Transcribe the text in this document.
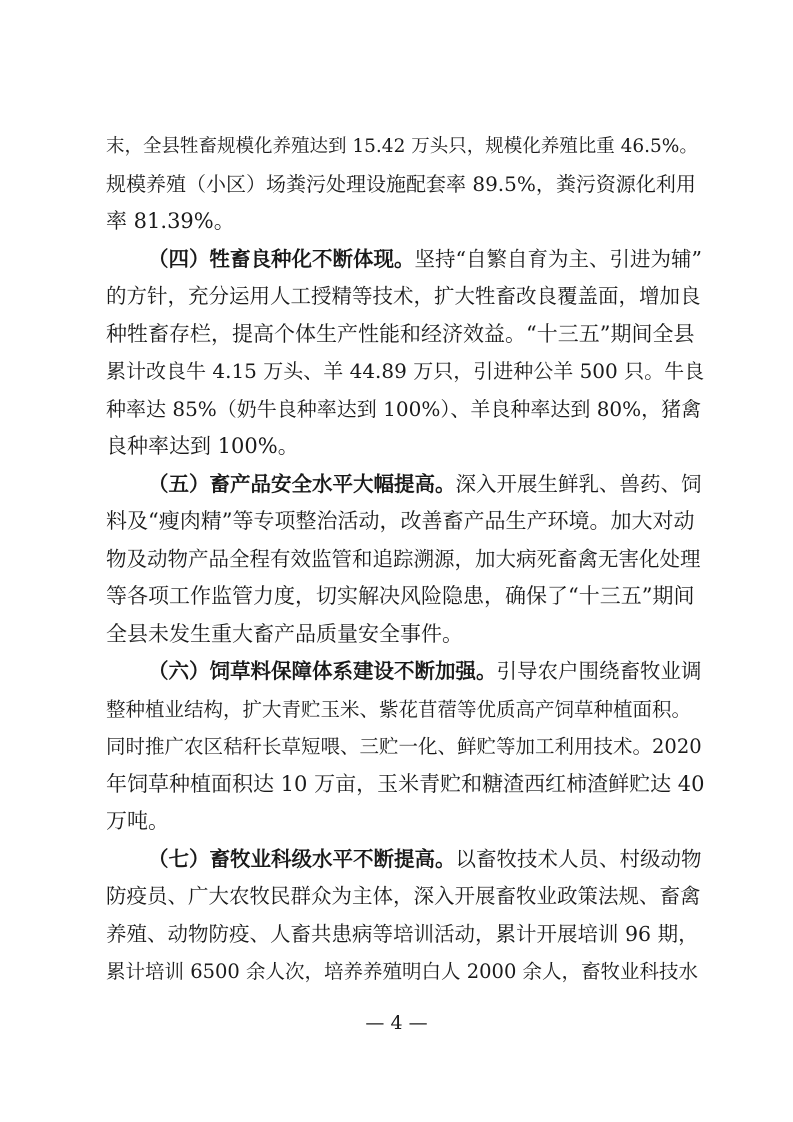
末，全县牲畜规模化养殖达到 15.42 万头只，规模化养殖比重 46.5%。
规模养殖（小区）场粪污处理设施配套率 89.5%，粪污资源化利用
率 81.39%。
（四）牲畜良种化不断体现。 坚持“自繁自育为主、引进为辅”
的方针，充分运用人工授精等技术，扩大牲畜改良覆盖面，增加良
种牲畜存栏，提高个体生产性能和经济效益。“十三五”期间全县
累计改良牛 4.15 万头、羊 44.89 万只，引进种公羊 500 只。牛良
种率达 85%（奶牛良种率达到 100%）、羊良种率达到 80%，猪禽
良种率达到 100%。
（五）畜产品安全水平大幅提高。 深入开展生鲜乳、兽药、饲
料及“瘦肉精”等专项整治活动，改善畜产品生产环境。加大对动
物及动物产品全程有效监管和追踪溯源，加大病死畜禽无害化处理
等各项工作监管力度，切实解决风险隐患，确保了“十三五”期间
全县未发生重大畜产品质量安全事件。
（六）饲草料保障体系建设不断加强。 引导农户围绕畜牧业调
整种植业结构，扩大青贮玉米、紫花苜蓿等优质高产饲草种植面积。
同时推广农区秸秆长草短喂、三贮一化、鲜贮等加工利用技术。2020
年饲草种植面积达 10 万亩，玉米青贮和糖渣西红柿渣鲜贮达 40
万吨。
（七）畜牧业科级水平不断提高。 以畜牧技术人员、村级动物
防疫员、广大农牧民群众为主体，深入开展畜牧业政策法规、畜禽
养殖、动物防疫、人畜共患病等培训活动，累计开展培训 96 期，
累计培训 6500 余人次，培养养殖明白人 2000 余人，畜牧业科技水
— 4 —
